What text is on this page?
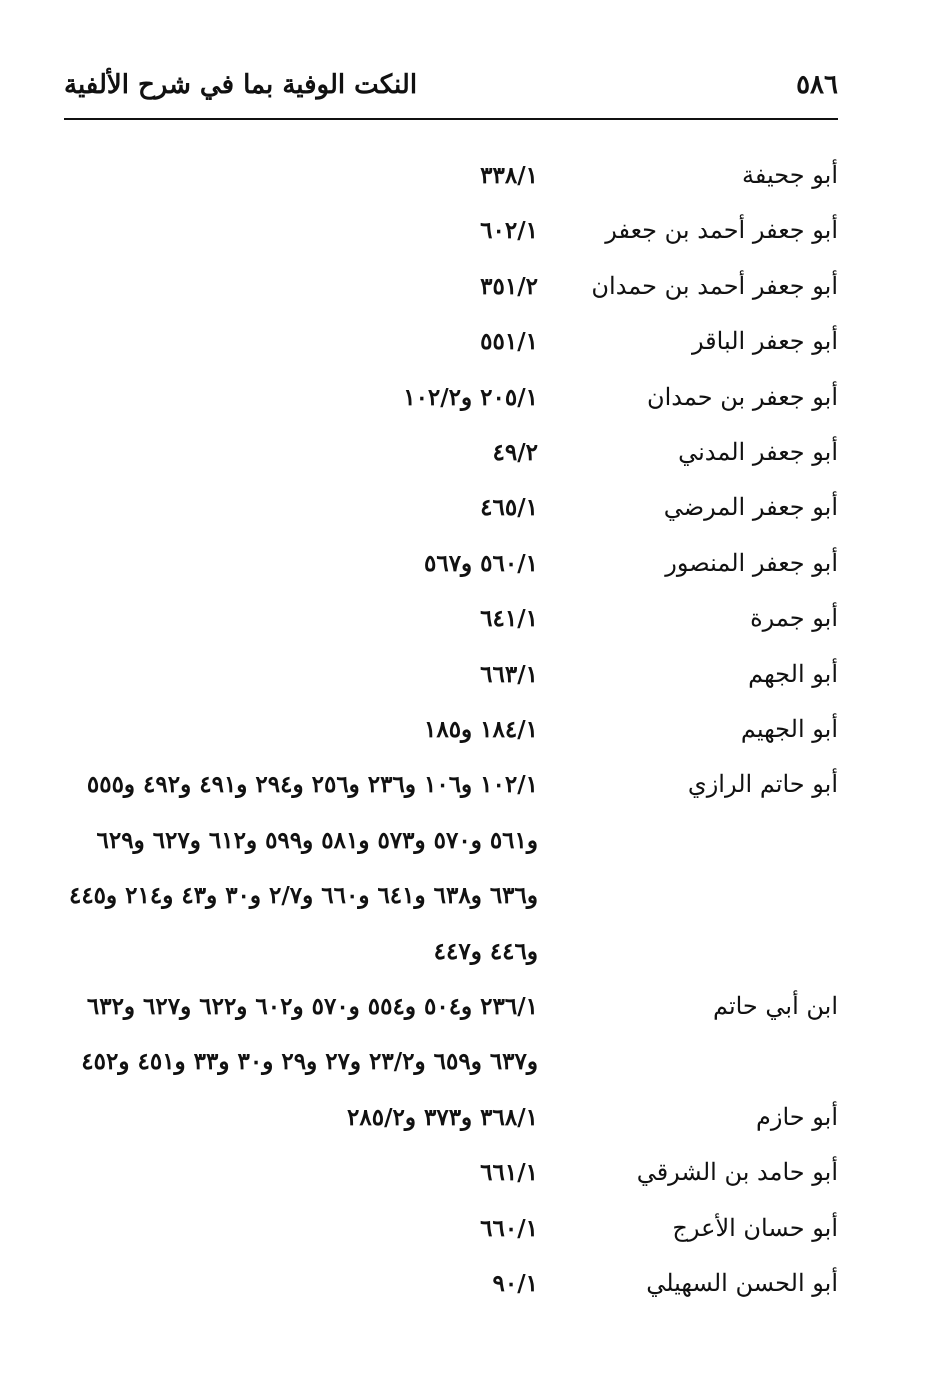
٥٨٦
النكت الوفية بما في شرح الألفية
أبو جحيفة
٣٣٨/١
أبو جعفر أحمد بن جعفر
٦٠٢/١
أبو جعفر أحمد بن حمدان
٣٥١/٢
أبو جعفر الباقر
٥٥١/١
أبو جعفر بن حمدان
٢٠٥/١ و١٠٢/٢
أبو جعفر المدني
٤٩/٢
أبو جعفر المرضي
٤٦٥/١
أبو جعفر المنصور
٥٦٠/١ و٥٦٧
أبو جمرة
٦٤١/١
أبو الجهم
٦٦٣/١
أبو الجهيم
١٨٤/١ و١٨٥
أبو حاتم الرازي
١٠٢/١ و١٠٦ و٢٣٦ و٢٥٦ و٢٩٤ و٤٩١ و٤٩٢ و٥٥٥
و٥٦١ و٥٧٠ و٥٧٣ و٥٨١ و٥٩٩ و٦١٢ و٦٢٧ و٦٢٩
و٦٣٦ و٦٣٨ و٦٤١ و٦٦٠ و٢/٧ و٣٠ و٤٣ و٢١٤ و٤٤٥
و٤٤٦ و٤٤٧
ابن أبي حاتم
٢٣٦/١ و٥٠٤ و٥٥٤ و٥٧٠ و٦٠٢ و٦٢٢ و٦٢٧ و٦٣٢
و٦٣٧ و٦٥٩ و٢٣/٢ و٢٧ و٢٩ و٣٠ و٣٣ و٤٥١ و٤٥٢
أبو حازم
٣٦٨/١ و٣٧٣ و٢٨٥/٢
أبو حامد بن الشرقي
٦٦١/١
أبو حسان الأعرج
٦٦٠/١
أبو الحسن السهيلي
٩٠/١
